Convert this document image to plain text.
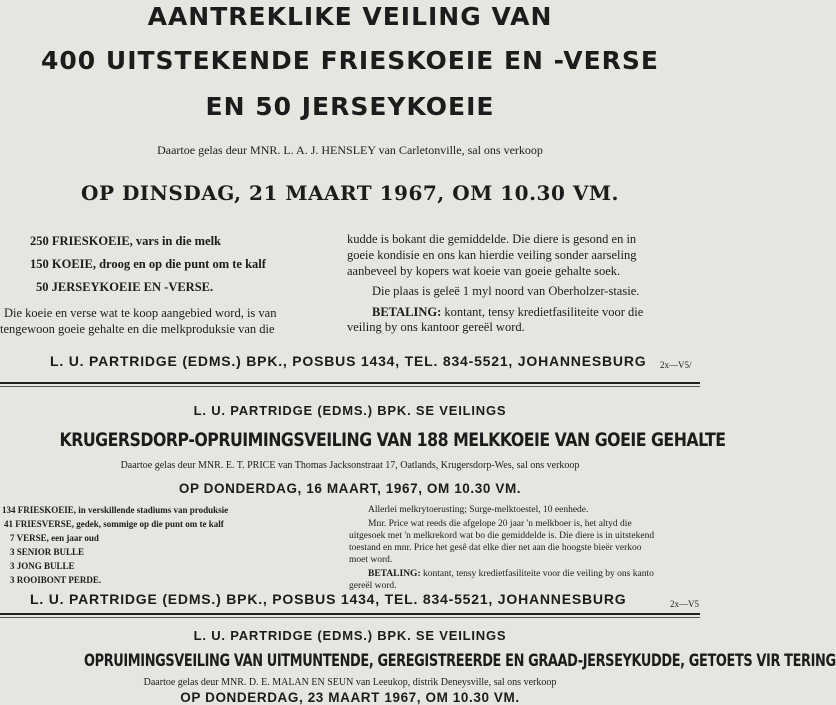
AANTREKLIKE VEILING VAN
400 UITSTEKENDE FRIESKOEIE EN -VERSE
EN 50 JERSEYKOEIE
Daartoe gelas deur MNR. L. A. J. HENSLEY van Carletonville, sal ons verkoop
OP DINSDAG, 21 MAART 1967, OM 10.30 VM.
250 FRIESKOEIE, vars in die melk
150 KOEIE, droog en op die punt om te kalf
50 JERSEYKOEIE EN -VERSE.
Die koeie en verse wat te koop aangebied word, is van
tengewoon goeie gehalte en die melkproduksie van die
kudde is bokant die gemiddelde. Die diere is gesond en in
goeie kondisie en ons kan hierdie veiling sonder aarseling
aanbeveel by kopers wat koeie van goeie gehalte soek.
Die plaas is geleë 1 myl noord van Oberholzer-stasie.
BETALING: kontant, tensy kredietfasiliteite voor die
veiling by ons kantoor gereël word.
L. U. PARTRIDGE (EDMS.) BPK., POSBUS 1434, TEL. 834-5521, JOHANNESBURG 2x—V5/
L. U. PARTRIDGE (EDMS.) BPK. SE VEILINGS
KRUGERSDORP-OPRUIMINGSVEILING VAN 188 MELKKOEIE VAN GOEIE GEHALTE
Daartoe gelas deur MNR. E. T. PRICE van Thomas Jacksonstraat 17, Oatlands, Krugersdorp-Wes, sal ons verkoop
OP DONDERDAG, 16 MAART, 1967, OM 10.30 VM.
134 FRIESKOEIE, in verskillende stadiums van produksie
41 FRIESVERSE, gedek, sommige op die punt om te kalf
7 VERSE, een jaar oud
3 SENIOR BULLE
3 JONG BULLE
3 ROOIBONT PERDE.
Allerlei melkrytoerusting; Surge-melktoestel, 10 eenhede.
Mnr. Price wat reeds die afgelope 20 jaar 'n melkboer is, het altyd die
uitgesoek met 'n melkrekord wat bo die gemiddelde is. Die diere is in uitstekend
toestand en mnr. Price het gesê dat elke dier net aan die hoogste bieër verkoo
moet word.
BETALING: kontant, tensy kredietfasiliteite voor die veiling by ons kanto
gereël word.
L. U. PARTRIDGE (EDMS.) BPK., POSBUS 1434, TEL. 834-5521, JOHANNESBURG	2x—V5
L. U. PARTRIDGE (EDMS.) BPK. SE VEILINGS
OPRUIMINGSVEILING VAN UITMUNTENDE, GEREGISTREERDE EN GRAAD-JERSEYKUDDE, GETOETS VIR TERING
Daartoe gelas deur MNR. D. E. MALAN EN SEUN van Leeukop, distrik Deneysville, sal ons verkoop
OP DONDERDAG, 23 MAART 1967, OM 10.30 VM.
